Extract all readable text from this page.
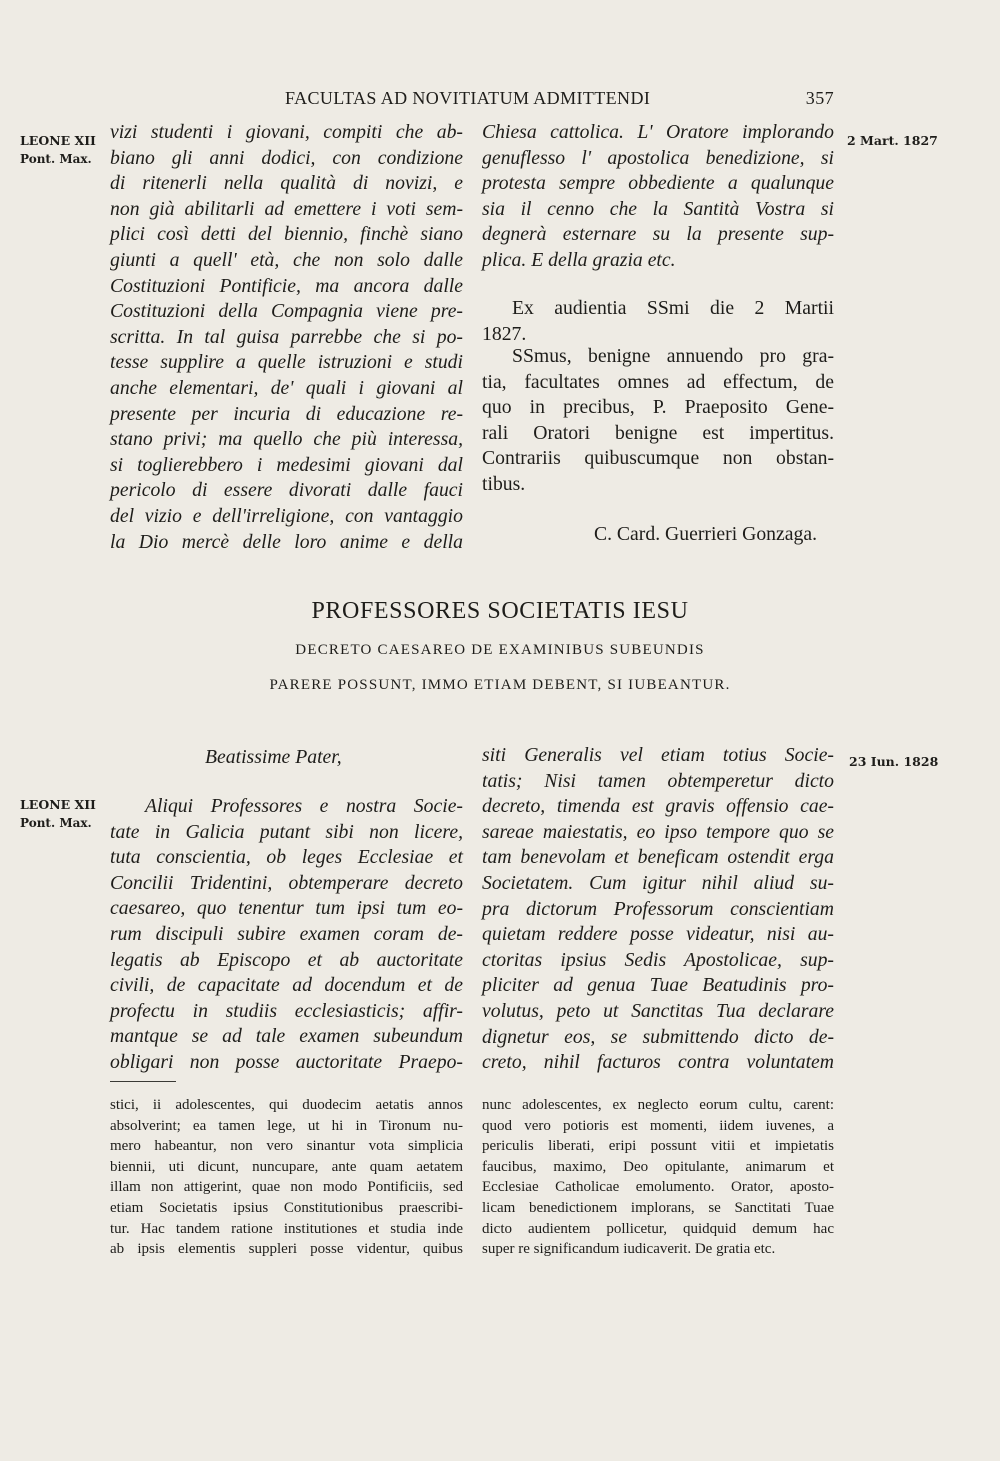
FACULTAS AD NOVITIATUM ADMITTENDI	357
LEONE XII
Pont. Max.
2 Mart. 1827
vizi studenti i giovani, compiti che ab-
biano gli anni dodici, con condizione
di ritenerli nella qualità di novizi, e
non già abilitarli ad emettere i voti sem-
plici così detti del biennio, finchè siano
giunti a quell' età, che non solo dalle
Costituzioni Pontificie, ma ancora dalle
Costituzioni della Compagnia viene pre-
scritta. In tal guisa parrebbe che si po-
tesse supplire a quelle istruzioni e studi
anche elementari, de' quali i giovani al
presente per incuria di educazione re-
stano privi; ma quello che più interessa,
si toglierebbero i medesimi giovani dal
pericolo di essere divorati dalle fauci
del vizio e dell'irreligione, con vantaggio
la Dio mercè delle loro anime e della
Chiesa cattolica. L' Oratore implorando
genuflesso l' apostolica benedizione, si
protesta sempre obbediente a qualunque
sia il cenno che la Santità Vostra si
degnerà esternare su la presente sup-
plica. E della grazia etc.
Ex audientia SSmi die 2 Martii
1827.
SSmus, benigne annuendo pro gra-
tia, facultates omnes ad effectum, de
quo in precibus, P. Praeposito Gene-
rali Oratori benigne est impertitus.
Contrariis quibuscumque non obstan-
tibus.
C. Card. Guerrieri Gonzaga.
PROFESSORES SOCIETATIS IESU
DECRETO CAESAREO DE EXAMINIBUS SUBEUNDIS
PARERE POSSUNT, IMMO ETIAM DEBENT, SI IUBEANTUR.
LEONE XII
Pont. Max.
23 Iun. 1828
Beatissime Pater,
Aliqui Professores e nostra Socie-
tate in Galicia putant sibi non licere,
tuta conscientia, ob leges Ecclesiae et
Concilii Tridentini, obtemperare decreto
caesareo, quo tenentur tum ipsi tum eo-
rum discipuli subire examen coram de-
legatis ab Episcopo et ab auctoritate
civili, de capacitate ad docendum et de
profectu in studiis ecclesiasticis; affir-
mantque se ad tale examen subeundum
obligari non posse auctoritate Praepo-
siti Generalis vel etiam totius Socie-
tatis; Nisi tamen obtemperetur dicto
decreto, timenda est gravis offensio cae-
sareae maiestatis, eo ipso tempore quo se
tam benevolam et beneficam ostendit erga
Societatem. Cum igitur nihil aliud su-
pra dictorum Professorum conscientiam
quietam reddere posse videatur, nisi au-
ctoritas ipsius Sedis Apostolicae, sup-
pliciter ad genua Tuae Beatudinis pro-
volutus, peto ut Sanctitas Tua declarare
dignetur eos, se submittendo dicto de-
creto, nihil facturos contra voluntatem
stici, ii adolescentes, qui duodecim aetatis annos
absolverint; ea tamen lege, ut hi in Tironum nu-
mero habeantur, non vero sinantur vota simplicia
biennii, uti dicunt, nuncupare, ante quam aetatem
illam non attigerint, quae non modo Pontificiis, sed
etiam Societatis ipsius Constitutionibus praescribi-
tur. Hac tandem ratione institutiones et studia inde
ab ipsis elementis suppleri posse videntur, quibus
nunc adolescentes, ex neglecto eorum cultu, carent:
quod vero potioris est momenti, iidem iuvenes, a
periculis liberati, eripi possunt vitii et impietatis
faucibus, maximo, Deo opitulante, animarum et
Ecclesiae Catholicae emolumento. Orator, aposto-
licam benedictionem implorans, se Sanctitati Tuae
dicto audientem pollicetur, quidquid demum hac
super re significandum iudicaverit. De gratia etc.
